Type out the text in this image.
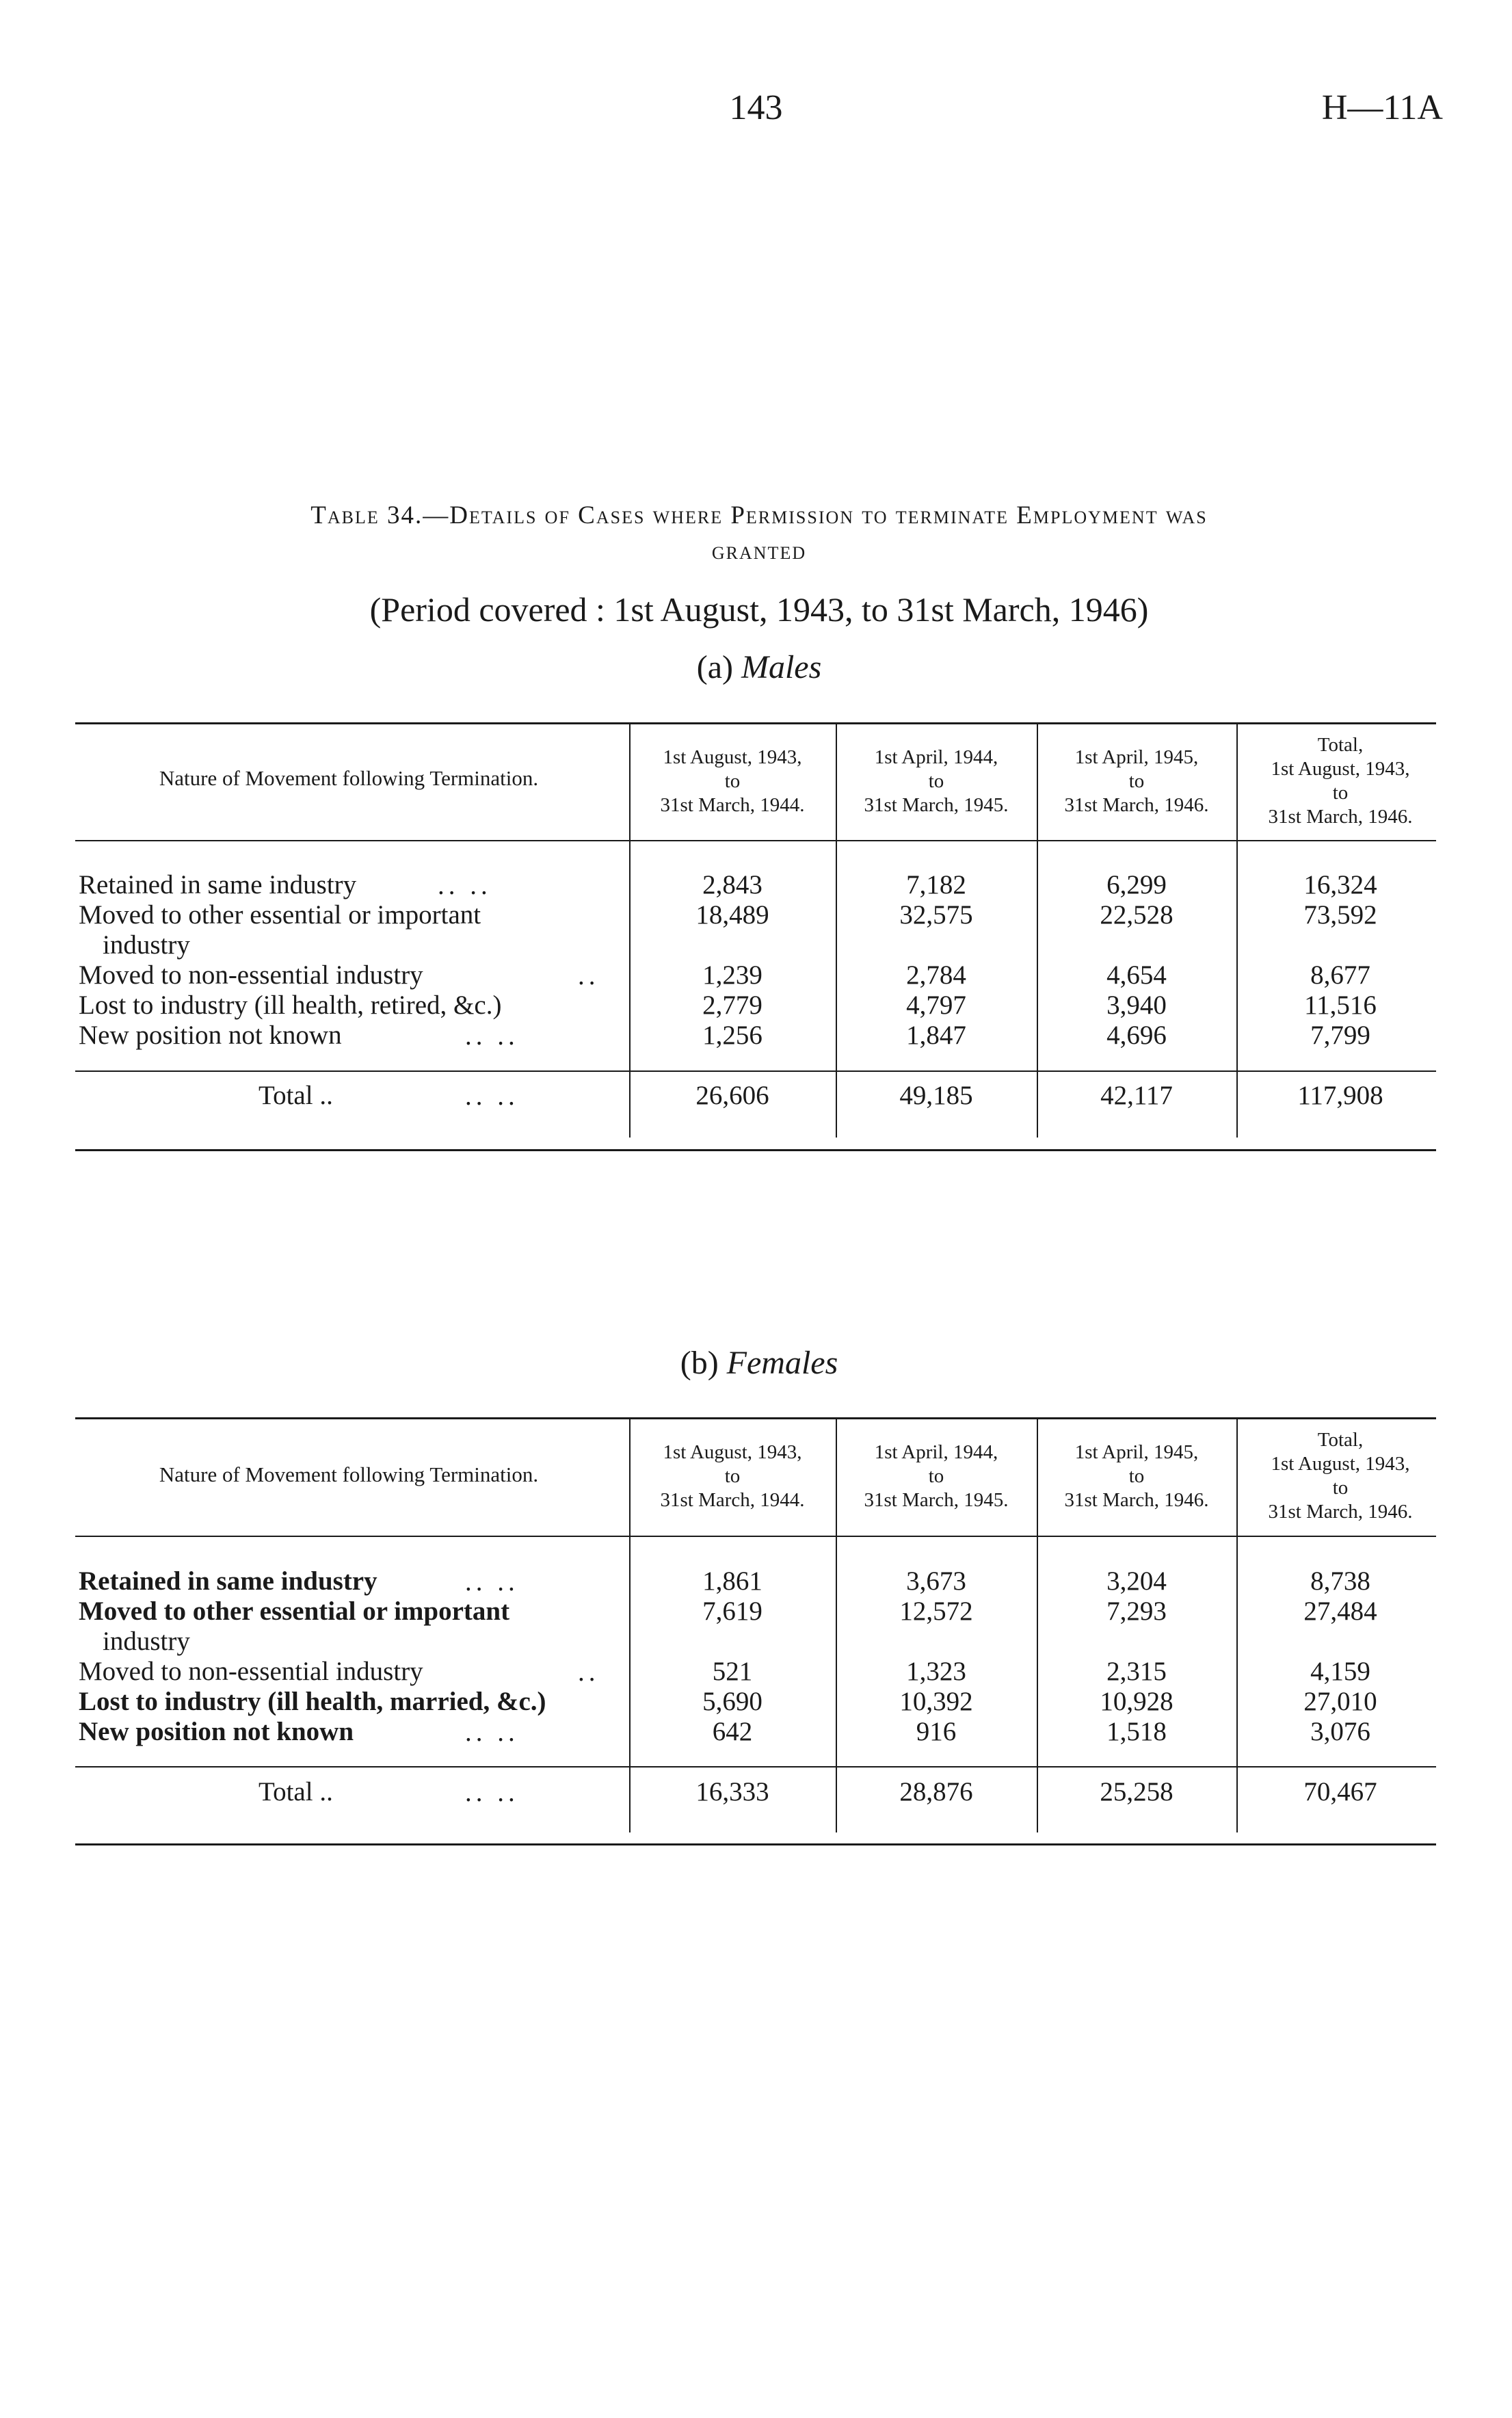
143	H—11A
Table 34.—Details of Cases where Permission to terminate Employment was
granted
(Period covered : 1st August, 1943, to 31st March, 1946)
(a) Males
Nature of Movement following Termination.
1st August, 1943,
to
31st March, 1944.
1st April, 1944,
to
31st March, 1945.
1st April, 1945,
to
31st March, 1946.
Total,
1st August, 1943,
to
31st March, 1946.
Retained in same industry	.. ..	2,843	7,182	6,299	16,324
Moved to other essential or important
industry
18,489	32,575	22,528	73,592
Moved to non-essential industry	..	1,239	2,784	4,654	8,677
Lost to industry (ill health, retired, &c.)	2,779	4,797	3,940	11,516
New position not known	.. ..	1,256	1,847	4,696	7,799
Total ..	.. ..	26,606	49,185	42,117	117,908
(b) Females
Nature of Movement following Termination.
1st August, 1943,
to
31st March, 1944.
1st April, 1944,
to
31st March, 1945.
1st April, 1945,
to
31st March, 1946.
Total,
1st August, 1943,
to
31st March, 1946.
Retained in same industry	.. ..	1,861	3,673	3,204	8,738
Moved to other essential or important
industry
7,619	12,572	7,293	27,484
Moved to non-essential industry	..	521	1,323	2,315	4,159
Lost to industry (ill health, married, &c.)	5,690	10,392	10,928	27,010
New position not known	.. ..	642	916	1,518	3,076
Total ..	.. ..	16,333	28,876	25,258	70,467
